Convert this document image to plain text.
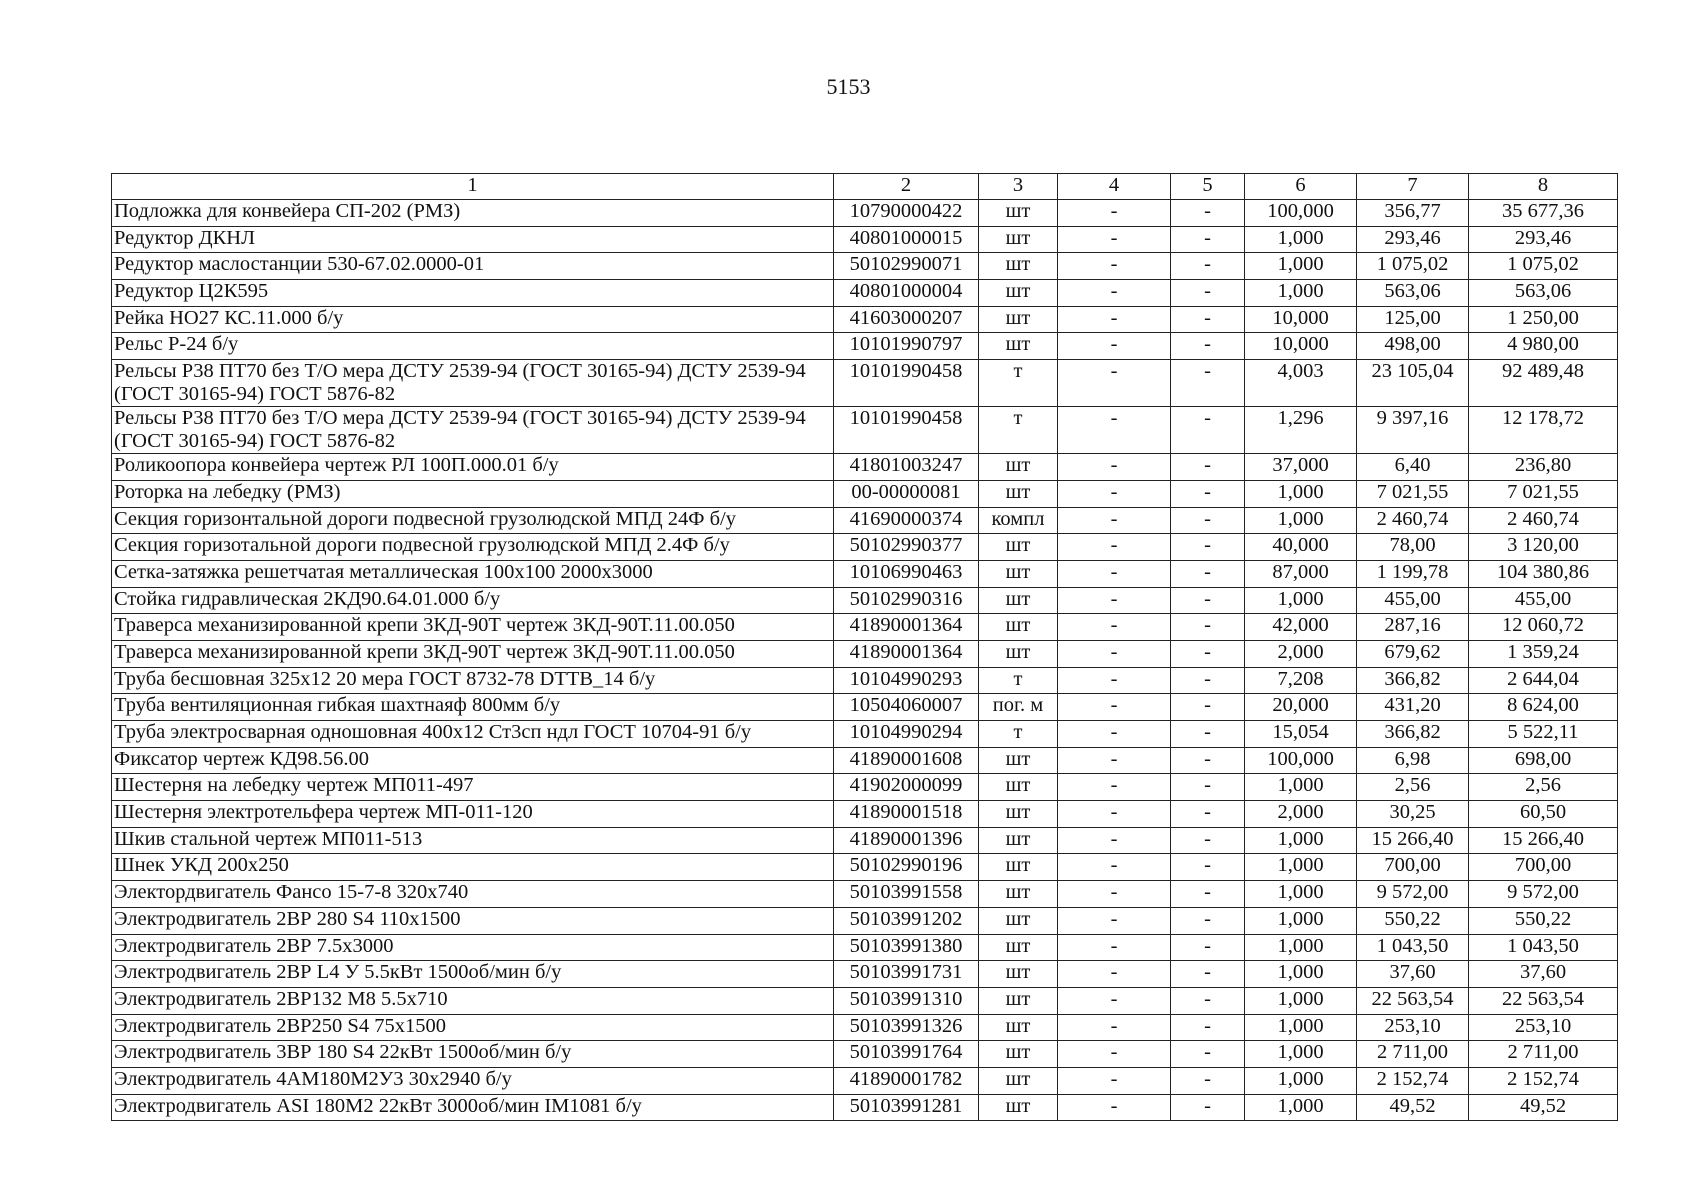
5153
1	2	3	4	5	6	7	8
Подложка для конвейера СП-202 (РМЗ)	10790000422	шт	-	-	100,000	356,77	35 677,36
Редуктор ДКНЛ	40801000015	шт	-	-	1,000	293,46	293,46
Редуктор маслостанции 530-67.02.0000-01	50102990071	шт	-	-	1,000	1 075,02	1 075,02
Редуктор Ц2К595	40801000004	шт	-	-	1,000	563,06	563,06
Рейка НО27 КС.11.000 б/у	41603000207	шт	-	-	10,000	125,00	1 250,00
Рельс Р-24 б/у	10101990797	шт	-	-	10,000	498,00	4 980,00
Рельсы Р38 ПТ70 без Т/О мера ДСТУ 2539-94 (ГОСТ 30165-94) ДСТУ 2539-94 (ГОСТ 30165-94) ГОСТ 5876-82	10101990458	т	-	-	4,003	23 105,04	92 489,48
Рельсы Р38 ПТ70 без Т/О мера ДСТУ 2539-94 (ГОСТ 30165-94) ДСТУ 2539-94 (ГОСТ 30165-94) ГОСТ 5876-82	10101990458	т	-	-	1,296	9 397,16	12 178,72
Роликоопора конвейера чертеж РЛ 100П.000.01 б/у	41801003247	шт	-	-	37,000	6,40	236,80
Роторка на лебедку (РМЗ)	00-00000081	шт	-	-	1,000	7 021,55	7 021,55
Секция горизонтальной дороги подвесной грузолюдской МПД 24Ф б/у	41690000374	компл	-	-	1,000	2 460,74	2 460,74
Секция горизотальной дороги подвесной грузолюдской МПД 2.4Ф б/у	50102990377	шт	-	-	40,000	78,00	3 120,00
Сетка-затяжка решетчатая металлическая 100х100 2000х3000	10106990463	шт	-	-	87,000	1 199,78	104 380,86
Стойка гидравлическая 2КД90.64.01.000 б/у	50102990316	шт	-	-	1,000	455,00	455,00
Траверса механизированной крепи 3КД-90Т чертеж 3КД-90Т.11.00.050	41890001364	шт	-	-	42,000	287,16	12 060,72
Траверса механизированной крепи 3КД-90Т чертеж 3КД-90Т.11.00.050	41890001364	шт	-	-	2,000	679,62	1 359,24
Труба бесшовная 325х12 20 мера ГОСТ 8732-78 DTTB_14 б/у	10104990293	т	-	-	7,208	366,82	2 644,04
Труба вентиляционная гибкая шахтнаяф 800мм б/у	10504060007	пог. м	-	-	20,000	431,20	8 624,00
Труба электросварная одношовная 400х12 Ст3сп ндл ГОСТ 10704-91 б/у	10104990294	т	-	-	15,054	366,82	5 522,11
Фиксатор чертеж КД98.56.00	41890001608	шт	-	-	100,000	6,98	698,00
Шестерня на лебедку чертеж МП011-497	41902000099	шт	-	-	1,000	2,56	2,56
Шестерня электротельфера чертеж МП-011-120	41890001518	шт	-	-	2,000	30,25	60,50
Шкив стальной чертеж МП011-513	41890001396	шт	-	-	1,000	15 266,40	15 266,40
Шнек УКД 200х250	50102990196	шт	-	-	1,000	700,00	700,00
Электордвигатель Фансо 15-7-8 320х740	50103991558	шт	-	-	1,000	9 572,00	9 572,00
Электродвигатель 2ВР 280 S4 110х1500	50103991202	шт	-	-	1,000	550,22	550,22
Электродвигатель 2ВР 7.5х3000	50103991380	шт	-	-	1,000	1 043,50	1 043,50
Электродвигатель 2ВР L4 У 5.5кВт 1500об/мин б/у	50103991731	шт	-	-	1,000	37,60	37,60
Электродвигатель 2ВР132 М8 5.5х710	50103991310	шт	-	-	1,000	22 563,54	22 563,54
Электродвигатель 2ВР250 S4 75х1500	50103991326	шт	-	-	1,000	253,10	253,10
Электродвигатель 3ВР 180 S4 22кВт 1500об/мин б/у	50103991764	шт	-	-	1,000	2 711,00	2 711,00
Электродвигатель 4АМ180М2У3 30х2940 б/у	41890001782	шт	-	-	1,000	2 152,74	2 152,74
Электродвигатель ASI 180M2 22кВт 3000об/мин IM1081 б/у	50103991281	шт	-	-	1,000	49,52	49,52
